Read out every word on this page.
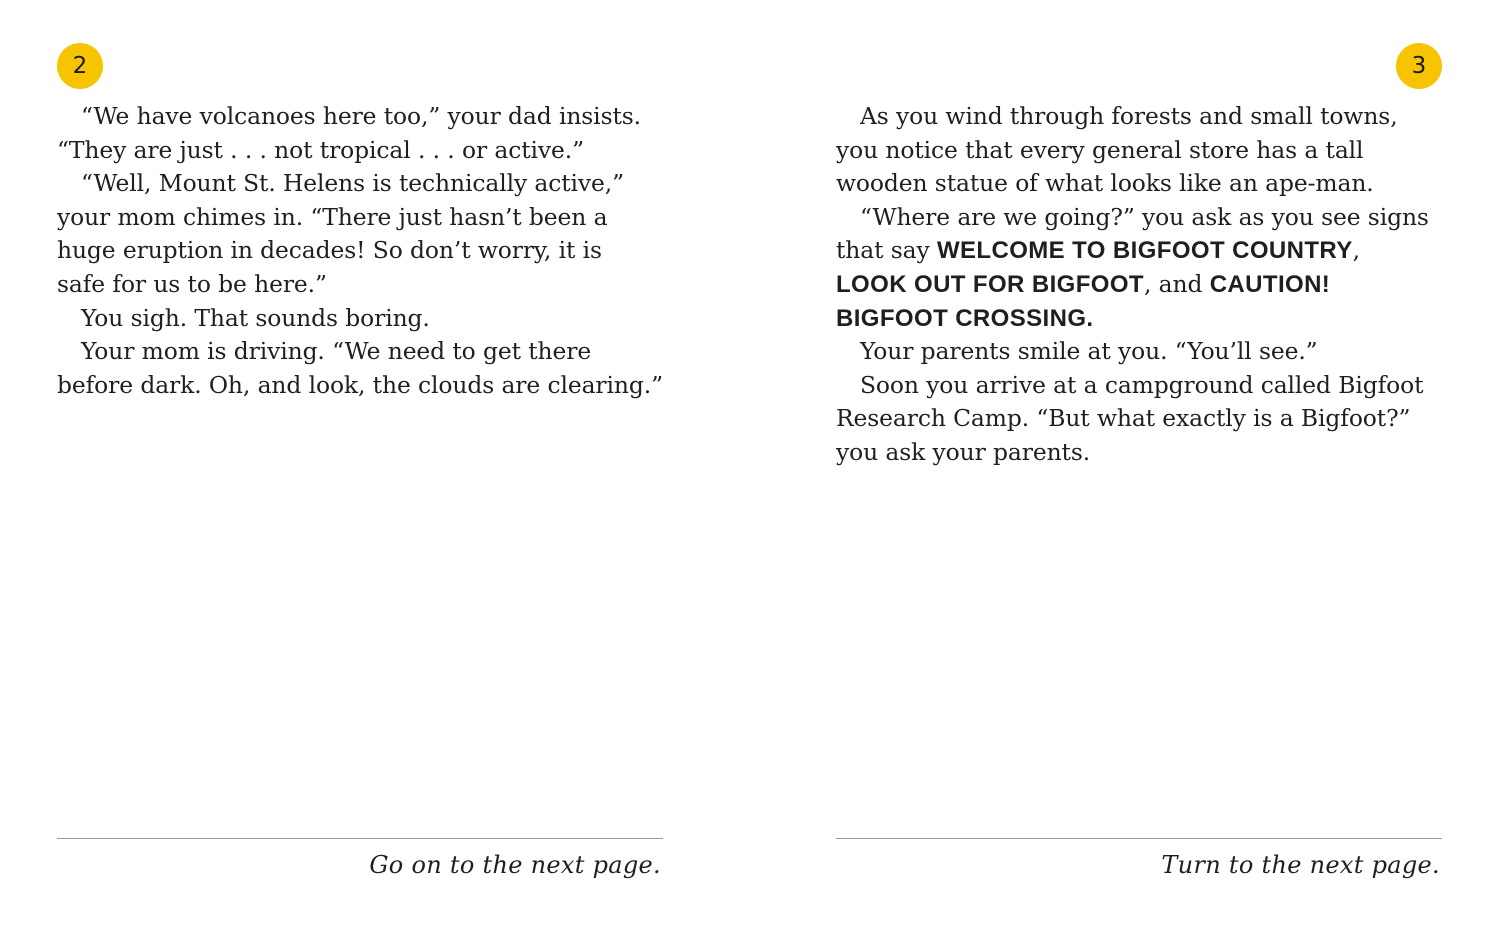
2

“We have volcanoes here too,” your dad insists.
“They are just . . . not tropical . . . or active.”

“Well, Mount St. Helens is technically active,”
your mom chimes in. “There just hasn’t been a
huge eruption in decades! So don’t worry, it is
safe for us to be here.”

You sigh. That sounds boring.

Your mom is driving. “We need to get there
before dark. Oh, and look, the clouds are clearing.”

Go on to the next page.
3

As you wind through forests and small towns,
you notice that every general store has a tall
wooden statue of what looks like an ape-man.

“Where are we going?” you ask as you see signs
that say WELCOME TO BIGFOOT COUNTRY,
LOOK OUT FOR BIGFOOT, and CAUTION!
BIGFOOT CROSSING.

Your parents smile at you. “You’ll see.”

Soon you arrive at a campground called Bigfoot
Research Camp. “But what exactly is a Bigfoot?”
you ask your parents.

Turn to the next page.
